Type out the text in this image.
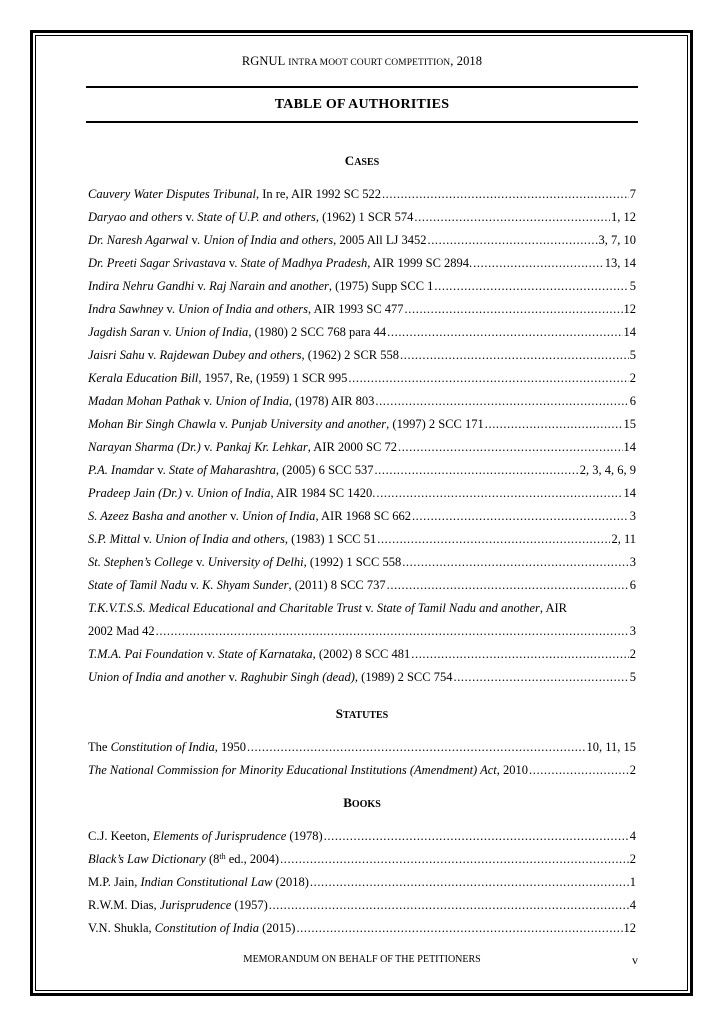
RGNUL INTRA MOOT COURT COMPETITION, 2018
TABLE OF AUTHORITIES
CASES
Cauvery Water Disputes Tribunal, In re, AIR 1992 SC 522 .....	7
Daryao and others v. State of U.P. and others, (1962) 1 SCR 574 .....	1, 12
Dr. Naresh Agarwal v. Union of India and others, 2005 All LJ 3452 .....	3, 7, 10
Dr. Preeti Sagar Srivastava v. State of Madhya Pradesh, AIR 1999 SC 2894. .....	13, 14
Indira Nehru Gandhi v. Raj Narain and another, (1975) Supp SCC 1 .....	5
Indra Sawhney v. Union of India and others, AIR 1993 SC 477 .....	12
Jagdish Saran v. Union of India, (1980) 2 SCC 768 para 44 .....	14
Jaisri Sahu v. Rajdewan Dubey and others, (1962) 2 SCR 558 .....	5
Kerala Education Bill, 1957, Re, (1959) 1 SCR 995 .....	2
Madan Mohan Pathak v. Union of India, (1978) AIR 803 .....	6
Mohan Bir Singh Chawla v. Punjab University and another, (1997) 2 SCC 171 .....	15
Narayan Sharma (Dr.) v. Pankaj Kr. Lehkar, AIR 2000 SC 72 .....	14
P.A. Inamdar v. State of Maharashtra, (2005) 6 SCC 537 .....	2, 3, 4, 6, 9
Pradeep Jain (Dr.) v. Union of India, AIR 1984 SC 1420. .....	14
S. Azeez Basha and another v. Union of India, AIR 1968 SC 662 .....	3
S.P. Mittal v. Union of India and others, (1983) 1 SCC 51 .....	2, 11
St. Stephen’s College v. University of Delhi, (1992) 1 SCC 558 .....	3
State of Tamil Nadu v. K. Shyam Sunder, (2011) 8 SCC 737 .....	6
T.K.V.T.S.S. Medical Educational and Charitable Trust v. State of Tamil Nadu and another, AIR
2002 Mad 42 .....	3
T.M.A. Pai Foundation v. State of Karnataka, (2002) 8 SCC 481 .....	2
Union of India and another v. Raghubir Singh (dead), (1989) 2 SCC 754 .....	5
STATUTES
The Constitution of India, 1950 .....	10, 11, 15
The National Commission for Minority Educational Institutions (Amendment) Act, 2010 .....	2
BOOKS
C.J. Keeton, Elements of Jurisprudence (1978) .....	4
Black’s Law Dictionary (8th ed., 2004) .....	2
M.P. Jain, Indian Constitutional Law (2018) .....	1
R.W.M. Dias, Jurisprudence (1957) .....	4
V.N. Shukla, Constitution of India (2015) .....	12
MEMORANDUM ON BEHALF OF THE PETITIONERS	v
